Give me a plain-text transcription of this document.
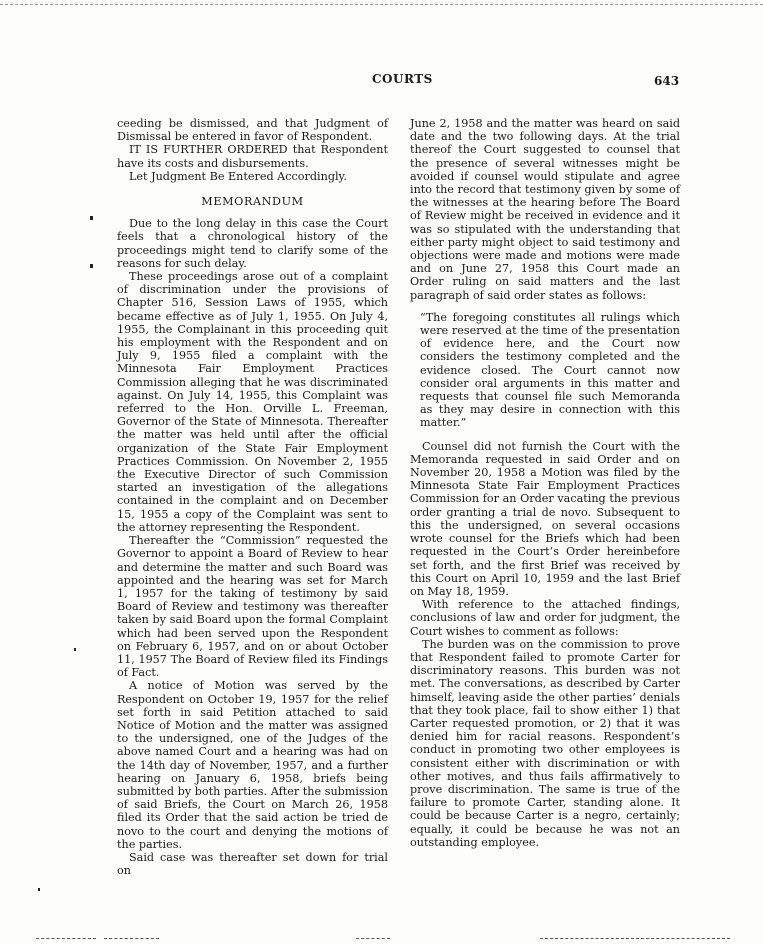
COURTS	643

ceeding be dismissed, and that Judgment of Dismissal be entered in favor of Respondent.

IT IS FURTHER ORDERED that Respondent have its costs and disbursements.

Let Judgment Be Entered Accordingly.

MEMORANDUM

Due to the long delay in this case the Court feels that a chronological history of the proceedings might tend to clarify some of the reasons for such delay.

These proceedings arose out of a complaint of discrimination under the provisions of Chapter 516, Session Laws of 1955, which became effective as of July 1, 1955. On July 4, 1955, the Complainant in this proceeding quit his employment with the Respondent and on July 9, 1955 filed a complaint with the Minnesota Fair Employment Practices Commission alleging that he was discriminated against. On July 14, 1955, this Complaint was referred to the Hon. Orville L. Freeman, Governor of the State of Minnesota. Thereafter the matter was held until after the official organization of the State Fair Employment Practices Commission. On November 2, 1955 the Executive Director of such Commission started an investigation of the allegations contained in the complaint and on December 15, 1955 a copy of the Complaint was sent to the attorney representing the Respondent.

Thereafter the “Commission” requested the Governor to appoint a Board of Review to hear and determine the matter and such Board was appointed and the hearing was set for March 1, 1957 for the taking of testimony by said Board of Review and testimony was thereafter taken by said Board upon the formal Complaint which had been served upon the Respondent on February 6, 1957, and on or about October 11, 1957 The Board of Review filed its Findings of Fact.

A notice of Motion was served by the Respondent on October 19, 1957 for the relief set forth in said Petition attached to said Notice of Motion and the matter was assigned to the undersigned, one of the Judges of the above named Court and a hearing was had on the 14th day of November, 1957, and a further hearing on January 6, 1958, briefs being submitted by both parties. After the submission of said Briefs, the Court on March 26, 1958 filed its Order that the said action be tried de novo to the court and denying the motions of the parties.

Said case was thereafter set down for trial on

June 2, 1958 and the matter was heard on said date and the two following days. At the trial thereof the Court suggested to counsel that the presence of several witnesses might be avoided if counsel would stipulate and agree into the record that testimony given by some of the witnesses at the hearing before The Board of Review might be received in evidence and it was so stipulated with the understanding that either party might object to said testimony and objections were made and motions were made and on June 27, 1958 this Court made an Order ruling on said matters and the last paragraph of said order states as follows:

“The foregoing constitutes all rulings which were reserved at the time of the presentation of evidence here, and the Court now considers the testimony completed and the evidence closed. The Court cannot now consider oral arguments in this matter and requests that counsel file such Memoranda as they may desire in connection with this matter.”

Counsel did not furnish the Court with the Memoranda requested in said Order and on November 20, 1958 a Motion was filed by the Minnesota State Fair Employment Practices Commission for an Order vacating the previous order granting a trial de novo. Subsequent to this the undersigned, on several occasions wrote counsel for the Briefs which had been requested in the Court’s Order hereinbefore set forth, and the first Brief was received by this Court on April 10, 1959 and the last Brief on May 18, 1959.

With reference to the attached findings, conclusions of law and order for judgment, the Court wishes to comment as follows:

The burden was on the commission to prove that Respondent failed to promote Carter for discriminatory reasons. This burden was not met. The conversations, as described by Carter himself, leaving aside the other parties’ denials that they took place, fail to show either 1) that Carter requested promotion, or 2) that it was denied him for racial reasons. Respondent’s conduct in promoting two other employees is consistent either with discrimination or with other motives, and thus fails affirmatively to prove discrimination. The same is true of the failure to promote Carter, standing alone. It could be because Carter is a negro, certainly; equally, it could be because he was not an outstanding employee.
